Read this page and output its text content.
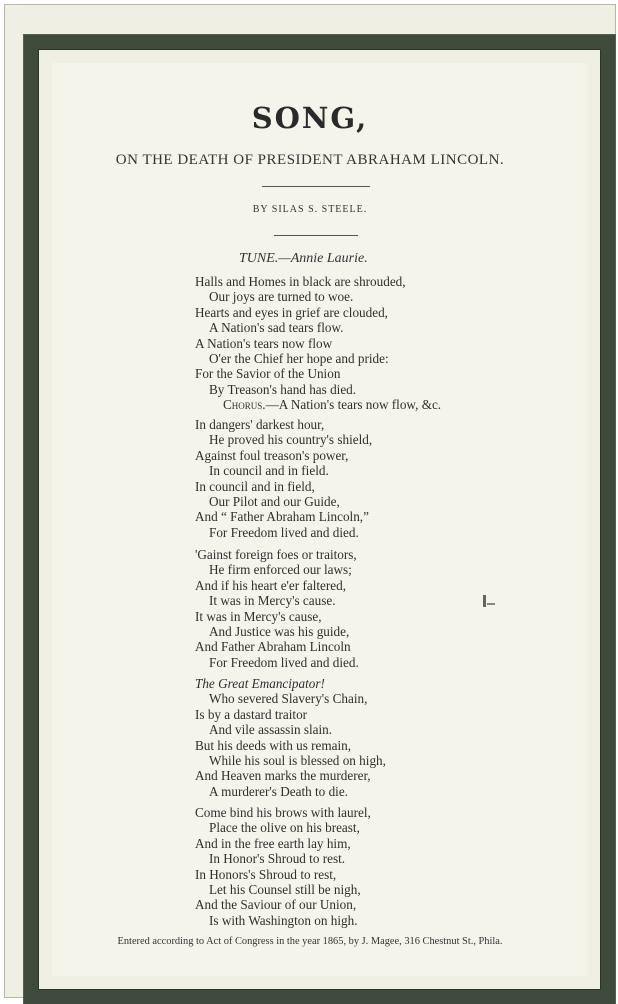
SONG,
ON THE DEATH OF PRESIDENT ABRAHAM LINCOLN.
BY SILAS S. STEELE.
TUNE.—Annie Laurie.
Halls and Homes in black are shrouded,
Our joys are turned to woe.
Hearts and eyes in grief are clouded,
A Nation's sad tears flow.
A Nation's tears now flow
O'er the Chief her hope and pride:
For the Savior of the Union
By Treason's hand has died.
Chorus.—A Nation's tears now flow, &c.
In dangers' darkest hour,
He proved his country's shield,
Against foul treason's power,
In council and in field.
In council and in field,
Our Pilot and our Guide,
And “ Father Abraham Lincoln,”
For Freedom lived and died.
'Gainst foreign foes or traitors,
He firm enforced our laws;
And if his heart e'er faltered,
It was in Mercy's cause.
It was in Mercy's cause,
And Justice was his guide,
And Father Abraham Lincoln
For Freedom lived and died.
The Great Emancipator!
Who severed Slavery's Chain,
Is by a dastard traitor
And vile assassin slain.
But his deeds with us remain,
While his soul is blessed on high,
And Heaven marks the murderer,
A murderer's Death to die.
Come bind his brows with laurel,
Place the olive on his breast,
And in the free earth lay him,
In Honor's Shroud to rest.
In Honors's Shroud to rest,
Let his Counsel still be nigh,
And the Saviour of our Union,
Is with Washington on high.
Entered according to Act of Congress in the year 1865, by J. Magee, 316 Chestnut St., Phila.
